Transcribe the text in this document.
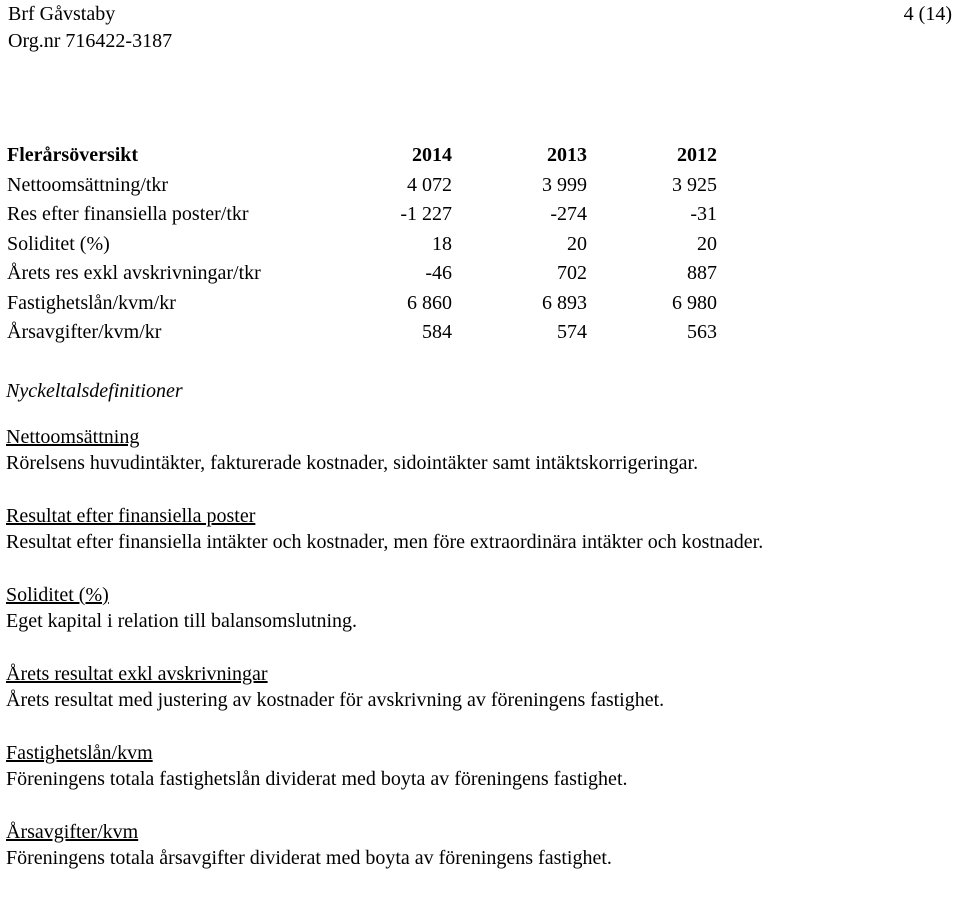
Brf Gåvstaby
Org.nr 716422-3187
4 (14)
Flerårsöversikt	2014	2013	2012
Nettoomsättning/tkr	4 072	3 999	3 925
Res efter finansiella poster/tkr	-1 227	-274	-31
Soliditet (%)	18	20	20
Årets res exkl avskrivningar/tkr	-46	702	887
Fastighetslån/kvm/kr	6 860	6 893	6 980
Årsavgifter/kvm/kr	584	574	563
Nyckeltalsdefinitioner
Nettoomsättning
Rörelsens huvudintäkter, fakturerade kostnader, sidointäkter samt intäktskorrigeringar.
Resultat efter finansiella poster
Resultat efter finansiella intäkter och kostnader, men före extraordinära intäkter och kostnader.
Soliditet (%)
Eget kapital i relation till balansomslutning.
Årets resultat exkl avskrivningar
Årets resultat med justering av kostnader för avskrivning av föreningens fastighet.
Fastighetslån/kvm
Föreningens totala fastighetslån dividerat med boyta av föreningens fastighet.
Årsavgifter/kvm
Föreningens totala årsavgifter dividerat med boyta av föreningens fastighet.
